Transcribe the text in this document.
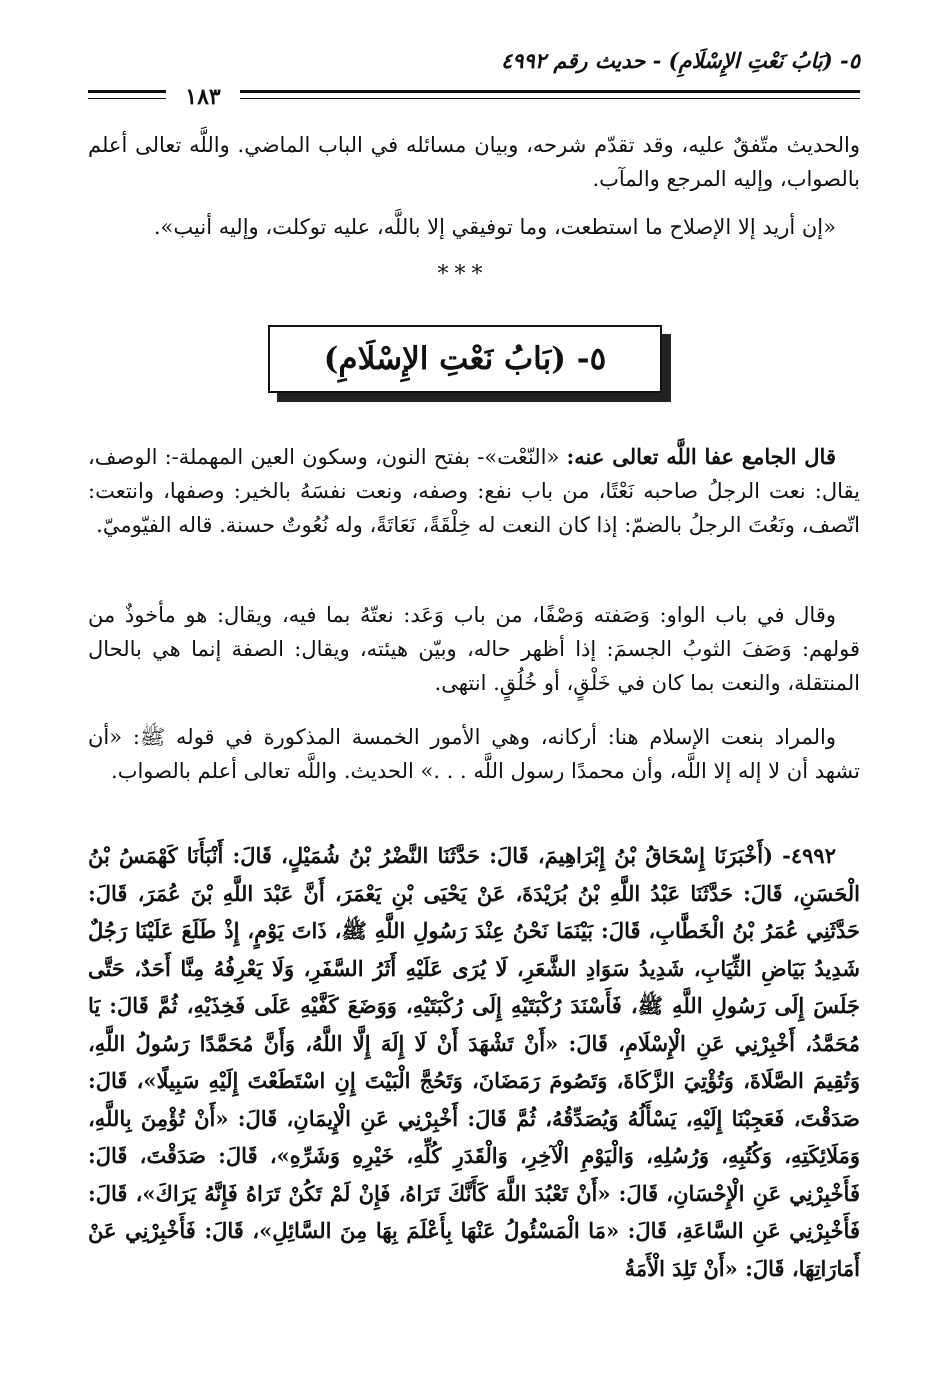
٥- (بَابُ نَعْتِ الإِسْلَامِ) - حديث رقم ٤٩٩٢
١٨٣

والحديث متّفقٌ عليه، وقد تقدّم شرحه، وبيان مسائله في الباب الماضي. واللَّه تعالى أعلم بالصواب، وإليه المرجع والمآب.

«إن أريد إلا الإصلاح ما استطعت، وما توفيقي إلا باللَّه، عليه توكلت، وإليه أنيب».

***
٥- (بَابُ نَعْتِ الإِسْلَامِ)

قال الجامع عفا اللَّه تعالى عنه: «النّعْت»- بفتح النون، وسكون العين المهملة-: الوصف، يقال: نعت الرجلُ صاحبه نَعْتًا، من باب نفع: وصفه، ونعت نفسَهُ بالخير: وصفها، وانتعت: اتّصف، ونَعُتَ الرجلُ بالضمّ: إذا كان النعت له خِلْقَةً، نَعَاتَةً، وله نُعُوتٌ حسنة. قاله الفيّوميّ.

وقال في باب الواو: وَصَفته وَصْفًا، من باب وَعَد: نعتّهُ بما فيه، ويقال: هو مأخوذٌ من قولهم: وَصَفَ الثوبُ الجسمَ: إذا أظهر حاله، وبيّن هيئته، ويقال: الصفة إنما هي بالحال المنتقلة، والنعت بما كان في خَلْقٍ، أو خُلُقٍ. انتهى.

والمراد بنعت الإسلام هنا: أركانه، وهي الأمور الخمسة المذكورة في قوله ﷺ: «أن تشهد أن لا إله إلا اللَّه، وأن محمدًا رسول اللَّه . . .» الحديث. واللَّه تعالى أعلم بالصواب.

٤٩٩٢- (أَخْبَرَنَا إِسْحَاقُ بْنُ إِبْرَاهِيمَ، قَالَ: حَدَّثَنَا النَّضْرُ بْنُ شُمَيْلٍ، قَالَ: أَنْبَأَنَا كَهْمَسُ بْنُ الْحَسَنِ، قَالَ: حَدَّثَنَا عَبْدُ اللَّهِ بْنُ بُرَيْدَةَ، عَنْ يَحْيَى بْنِ يَعْمَرَ، أَنَّ عَبْدَ اللَّهِ بْنَ عُمَرَ، قَالَ: حَدَّثَنِي عُمَرُ بْنُ الْخَطَّابِ، قَالَ: بَيْنَمَا نَحْنُ عِنْدَ رَسُولِ اللَّهِ ﷺ، ذَاتَ يَوْمٍ، إِذْ طَلَعَ عَلَيْنَا رَجُلٌ شَدِيدُ بَيَاضِ الثِّيَابِ، شَدِيدُ سَوَادِ الشَّعَرِ، لَا يُرَى عَلَيْهِ أَثَرُ السَّفَرِ، وَلَا يَعْرِفُهُ مِنَّا أَحَدٌ، حَتَّى جَلَسَ إِلَى رَسُولِ اللَّهِ ﷺ، فَأَسْنَدَ رُكْبَتَيْهِ إِلَى رُكْبَتَيْهِ، وَوَضَعَ كَفَّيْهِ عَلَى فَخِذَيْهِ، ثُمَّ قَالَ: يَا مُحَمَّدُ، أَخْبِرْنِي عَنِ الْإِسْلَامِ، قَالَ: «أَنْ تَشْهَدَ أَنْ لَا إِلَهَ إِلَّا اللَّهُ، وَأَنَّ مُحَمَّدًا رَسُولُ اللَّهِ، وَتُقِيمَ الصَّلَاةَ، وَتُؤْتِيَ الزَّكَاةَ، وَتَصُومَ رَمَضَانَ، وَتَحُجَّ الْبَيْتَ إِنِ اسْتَطَعْتَ إِلَيْهِ سَبِيلًا»، قَالَ: صَدَقْتَ، فَعَجِبْنَا إِلَيْهِ، يَسْأَلُهُ وَيُصَدِّقُهُ، ثُمَّ قَالَ: أَخْبِرْنِي عَنِ الْإِيمَانِ، قَالَ: «أَنْ تُؤْمِنَ بِاللَّهِ، وَمَلَائِكَتِهِ، وَكُتُبِهِ، وَرُسُلِهِ، وَالْيَوْمِ الْآخِرِ، وَالْقَدَرِ كُلِّهِ، خَيْرِهِ وَشَرِّهِ»، قَالَ: صَدَقْتَ، قَالَ: فَأَخْبِرْنِي عَنِ الْإِحْسَانِ، قَالَ: «أَنْ تَعْبُدَ اللَّهَ كَأَنَّكَ تَرَاهُ، فَإِنْ لَمْ تَكُنْ تَرَاهُ فَإِنَّهُ يَرَاكَ»، قَالَ: فَأَخْبِرْنِي عَنِ السَّاعَةِ، قَالَ: «مَا الْمَسْئُولُ عَنْهَا بِأَعْلَمَ بِهَا مِنَ السَّائِلِ»، قَالَ: فَأَخْبِرْنِي عَنْ أَمَارَاتِهَا، قَالَ: «أَنْ تَلِدَ الْأَمَةُ
